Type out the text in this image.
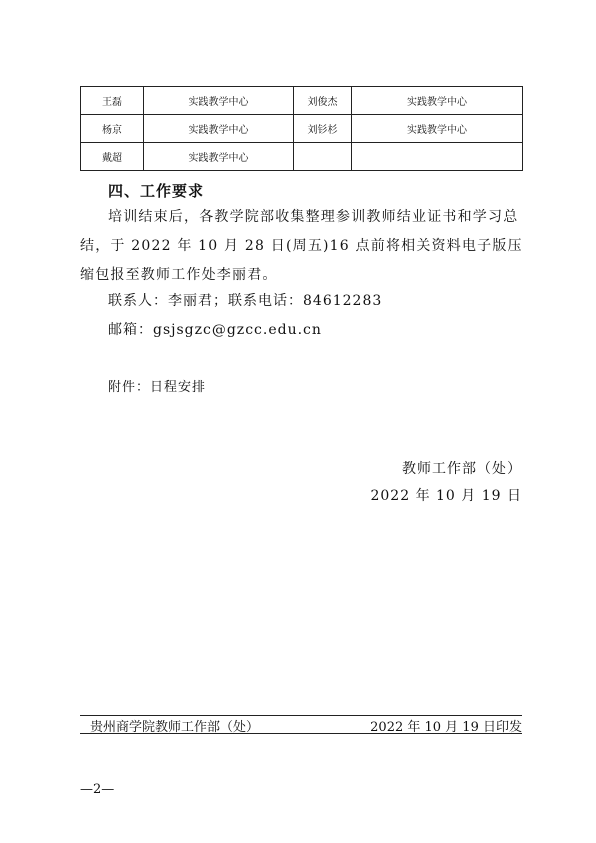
王磊	实践教学中心	刘俊杰	实践教学中心
杨京	实践教学中心	刘钐杉	实践教学中心
戴超	实践教学中心		
四、工作要求

培训结束后，各教学院部收集整理参训教师结业证书和学习总结，于 2022 年 10 月 28 日(周五)16 点前将相关资料电子版压缩包报至教师工作处李丽君。

联系人：李丽君；联系电话：84612283
邮箱：gsjsgzc@gzcc.edu.cn
附件：日程安排
教师工作部（处）
2022 年 10 月 19 日
贵州商学院教师工作部（处）	2022 年 10 月 19 日印发
—2—
